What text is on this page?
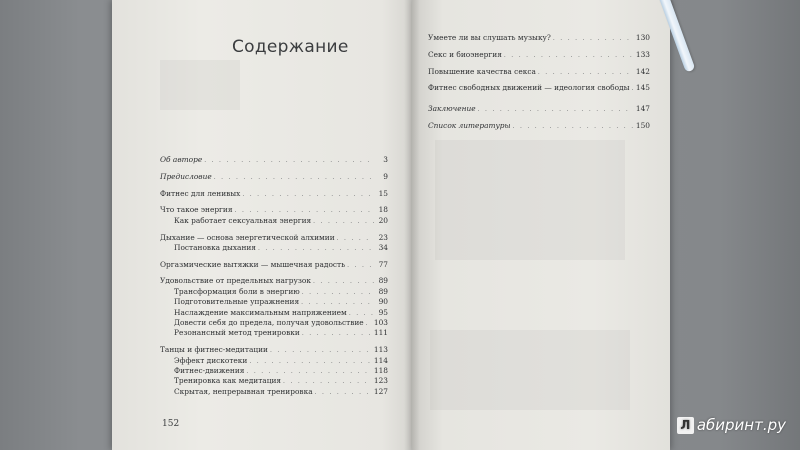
Содержание
Об авторе . . .	3
Предисловие . . .	9
Фитнес для ленивых . . .	15
Что такое энергия . . .	18
Как работает сексуальная энергия . . .	20
Дыхание — основа энергетической алхимии . . .	23
Постановка дыхания . . .	34
Оргазмические вытяжки — мышечная радость . . .	77
Удовольствие от предельных нагрузок . . .	89
Трансформация боли в энергию . . .	89
Подготовительные упражнения . . .	90
Наслаждение максимальным напряжением . . .	95
Довести себя до предела, получая удовольствие . . . 103
Резонансный метод тренировки . . .	111
Танцы и фитнес-медитации . . .	113
Эффект дискотеки . . .	114
Фитнес-движения . . .	118
Тренировка как медитация . . .	123
Скрытая, непрерывная тренировка . . .	127
Умеете ли вы слушать музыку? . . .	130
Секс и биоэнергия . . .	133
Повышение качества секса . . .	142
Фитнес свободных движений — идеология свободы . . . 145
Заключение . . .	147
Список литературы . . .	150
152	Л абиринт.ру
